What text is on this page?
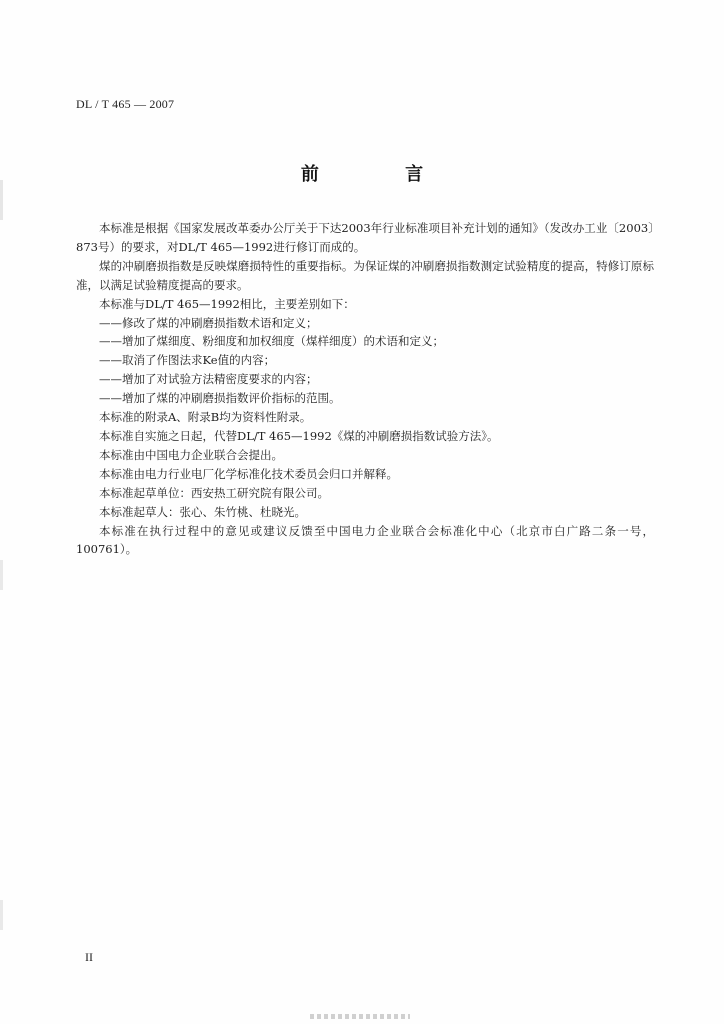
DL / T 465 — 2007
前 言

本标准是根据《国家发展改革委办公厅关于下达2003年行业标准项目补充计划的通知》（发改办工业〔2003〕873号）的要求，对DL/T 465—1992进行修订而成的。

煤的冲刷磨损指数是反映煤磨损特性的重要指标。为保证煤的冲刷磨损指数测定试验精度的提高，特修订原标准，以满足试验精度提高的要求。

本标准与DL/T 465—1992相比，主要差别如下：

——修改了煤的冲刷磨损指数术语和定义；

——增加了煤细度、粉细度和加权细度（煤样细度）的术语和定义；

——取消了作图法求Ke值的内容；

——增加了对试验方法精密度要求的内容；

——增加了煤的冲刷磨损指数评价指标的范围。

本标准的附录A、附录B均为资料性附录。

本标准自实施之日起，代替DL/T 465—1992《煤的冲刷磨损指数试验方法》。

本标准由中国电力企业联合会提出。

本标准由电力行业电厂化学标准化技术委员会归口并解释。

本标准起草单位：西安热工研究院有限公司。

本标准起草人：张心、朱竹桃、杜晓光。

本标准在执行过程中的意见或建议反馈至中国电力企业联合会标准化中心（北京市白广路二条一号，100761）。

II
